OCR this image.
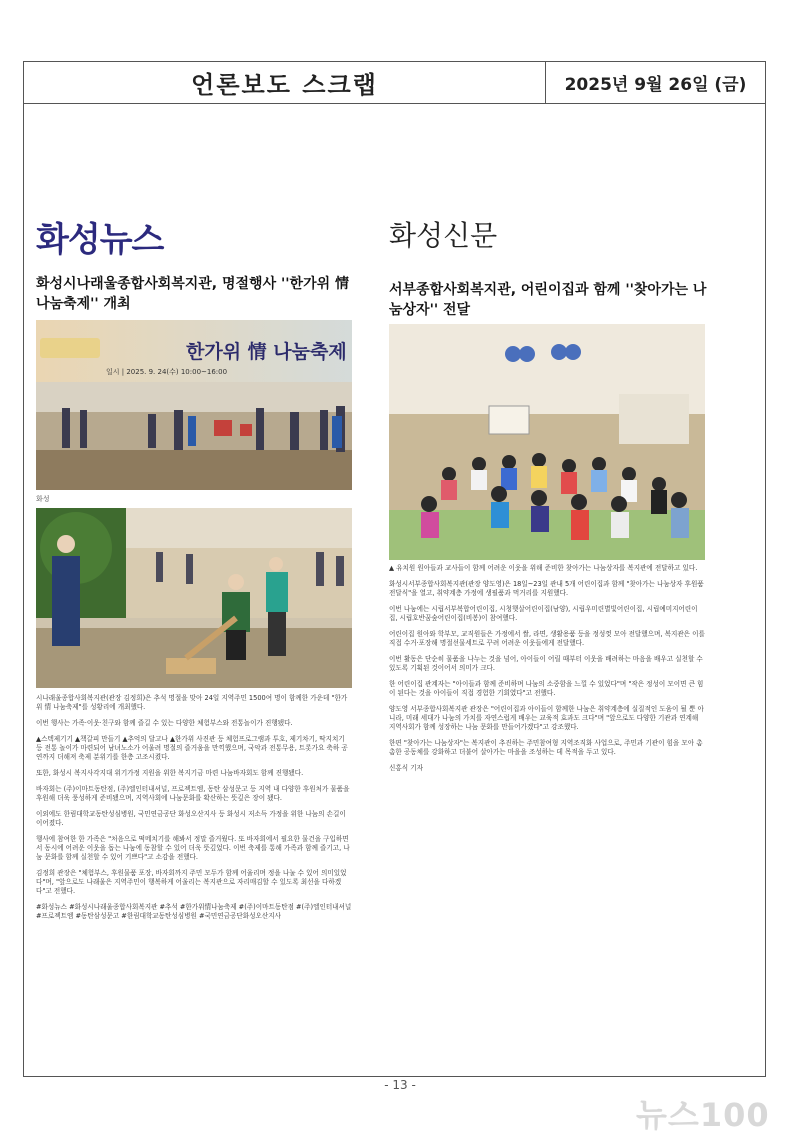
언론보도 스크랩	2025년 9월 26일 (금)
화성뉴스	화성신문
화성시나래울종합사회복지관, 명절행사 ''한가위 情 나눔축제'' 개최
서부종합사회복지관, 어린이집과 함께 ''찾아가는 나눔상자'' 전달
한가위 情 나눔축제
일시 | 2025. 9. 24(수) 10:00~16:00
화성

시나래울종합사회복지관(관장 김정희)은 추석 명절을 맞아 24일 지역주민 1500여 명이 함께한 가운데 "한가위 情 나눔축제"를 성황리에 개최했다.

이번 행사는 가족·이웃·친구와 함께 즐길 수 있는 다양한 체험부스와 전통놀이가 진행됐다.

▲스텍제기기 ▲책갈피 만들기 ▲추억의 달고나 ▲한가위 사진관 등 체험프로그램과 투호, 제기차기, 딱지치기 등 전통 놀이가 마련되어 남녀노소가 어울려 명절의 즐거움을 만끽했으며, 국악과 전통무용, 트롯가요 축하 공연까지 더해져 축제 분위기를 한층 고조시켰다.

또한, 화성시 복지사각지대 위기가정 지원을 위한 복지기금 마련 나눔바자회도 함께 진행됐다.

바자회는 (주)이마트동탄점, (주)엘인터내셔널, 프로젝트엠, 동탄 삼성문고 등 지역 내 다양한 후원처가 물품을 후원해 더욱 풍성하게 준비됐으며, 지역사회에 나눔문화를 확산하는 뜻깊은 장이 됐다.

이외에도 한림대학교동탄성심병원, 국민연금공단 화성오산지사 등 화성시 저소득 가정을 위한 나눔의 손길이 이어졌다.

행사에 참여한 한 가족은 "처음으로 떡메치기를 해봐서 정말 즐거웠다. 또 바자회에서 필요한 물건을 구입하면서 동시에 어려운 이웃을 돕는 나눔에 동참할 수 있어 더욱 뜻깊었다. 이번 축제를 통해 가족과 함께 즐기고, 나눔 문화를 함께 실천할 수 있어 기쁘다"고 소감을 전했다.

김정희 관장은 "체험부스, 후원물품 포장, 바자회까지 주민 모두가 함께 어울리며 정을 나눌 수 있어 의미있었다"며, "앞으로도 나래울은 지역주민이 행복하게 어울리는 복지관으로 자리매김할 수 있도록 최선을 다하겠다"고 전했다.

#화성뉴스 #화성시나래울종합사회복지관 #추석 #한가위情나눔축제 #(주)이마트동탄점 #(주)엘인터내셔널 #프로젝트엠 #동탄삼성문고 #한림대학교동탄성심병원 #국민연금공단화성오산지사

▲ 유치원 원아들과 교사들이 함께 어려운 이웃을 위해 준비한 찾아가는 나눔상자를 복지관에 전달하고 있다.

화성시서부종합사회복지관(관장 양도영)은 18일~23일 관내 5개 어린이집과 함께 "찾아가는 나눔상자 후원품 전달식"을 열고, 취약계층 가정에 생필품과 먹거리를 지원했다.

이번 나눔에는 시립서부복합어린이집, 시청햇살어린이집(남양), 시립우미린별빛어린이집, 시립예미지어린이집, 시립호반꿈숲어린이집(비봉)이 참여했다.

어린이집 원아와 학부모, 교직원들은 가정에서 쌀, 라면, 생활용품 등을 정성껏 모아 전달했으며, 복지관은 이를 직접 수거·포장해 명절선물세트로 꾸려 어려운 이웃들에게 전달했다.

이번 활동은 단순히 물품을 나누는 것을 넘어, 아이들이 어릴 때부터 이웃을 배려하는 마음을 배우고 실천할 수 있도록 기획된 것이어서 의미가 크다.

한 어린이집 관계자는 "아이들과 함께 준비하며 나눔의 소중함을 느낄 수 있었다"며 "작은 정성이 모이면 큰 힘이 된다는 것을 아이들이 직접 경험한 기회였다"고 전했다.

양도영 서부종합사회복지관 관장은 "어린이집과 아이들이 함께한 나눔은 취약계층에 실질적인 도움이 될 뿐 아니라, 미래 세대가 나눔의 가치를 자연스럽게 배우는 교육적 효과도 크다"며 "앞으로도 다양한 기관과 연계해 지역사회가 함께 성장하는 나눔 문화를 만들어가겠다"고 강조했다.

한편 "찾아가는 나눔상자"는 복지관이 추진하는 주민참여형 지역조직화 사업으로, 주민과 기관이 힘을 모아 촘촘한 공동체를 강화하고 더불어 살아가는 마을을 조성하는 데 목적을 두고 있다.

신홍식 기자

- 13 -
뉴스100
